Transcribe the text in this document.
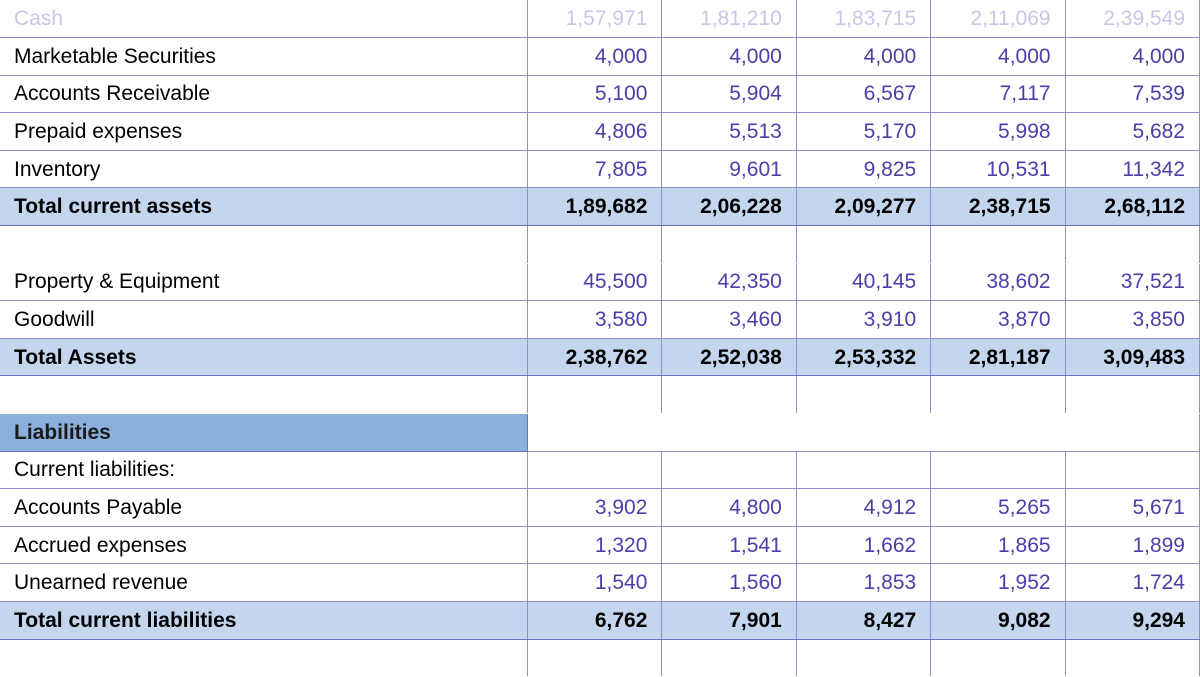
Cash	1,57,971	1,81,210	1,83,715	2,11,069	2,39,549
Marketable Securities	4,000	4,000	4,000	4,000	4,000
Accounts Receivable	5,100	5,904	6,567	7,117	7,539
Prepaid expenses	4,806	5,513	5,170	5,998	5,682
Inventory	7,805	9,601	9,825	10,531	11,342
Total current assets	1,89,682	2,06,228	2,09,277	2,38,715	2,68,112

Property & Equipment	45,500	42,350	40,145	38,602	37,521
Goodwill	3,580	3,460	3,910	3,870	3,850
Total Assets	2,38,762	2,52,038	2,53,332	2,81,187	3,09,483

Liabilities					
Current liabilities:					
Accounts Payable	3,902	4,800	4,912	5,265	5,671
Accrued expenses	1,320	1,541	1,662	1,865	1,899
Unearned revenue	1,540	1,560	1,853	1,952	1,724
Total current liabilities	6,762	7,901	8,427	9,082	9,294
